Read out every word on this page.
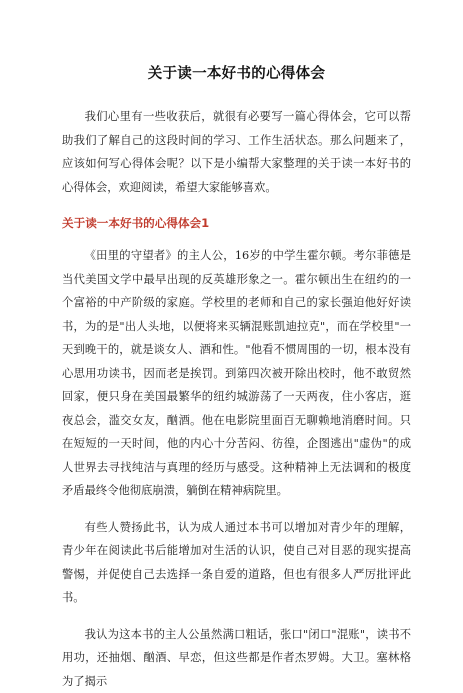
关于读一本好书的心得体会

我们心里有一些收获后，就很有必要写一篇心得体会，它可以帮助我们了解自己的这段时间的学习、工作生活状态。那么问题来了，应该如何写心得体会呢？以下是小编帮大家整理的关于读一本好书的心得体会，欢迎阅读，希望大家能够喜欢。

关于读一本好书的心得体会1

《田里的守望者》的主人公，16岁的中学生霍尔顿。考尔菲德是当代美国文学中最早出现的反英雄形象之一。霍尔顿出生在纽约的一个富裕的中产阶级的家庭。学校里的老师和自己的家长强迫他好好读书，为的是"出人头地，以便将来买辆混账凯迪拉克"，而在学校里"一天到晚干的，就是谈女人、酒和性。"他看不惯周围的一切，根本没有心思用功读书，因而老是挨罚。到第四次被开除出校时，他不敢贸然回家，便只身在美国最繁华的纽约城游荡了一天两夜，住小客店，逛夜总会，滥交女友，酗酒。他在电影院里面百无聊赖地消磨时间。只在短短的一天时间，他的内心十分苦闷、彷徨，企图逃出"虚伪"的成人世界去寻找纯洁与真理的经历与感受。这种精神上无法调和的极度矛盾最终令他彻底崩溃，躺倒在精神病院里。

有些人赞扬此书，认为成人通过本书可以增加对青少年的理解，青少年在阅读此书后能增加对生活的认识，使自己对目恶的现实提高警惕，并促使自己去选择一条自爱的道路，但也有很多人严厉批评此书。

我认为这本书的主人公虽然满口粗话，张口"闭口"混账"，读书不用功，还抽烟、酗酒、早恋，但这些都是作者杰罗姆。大卫。塞林格为了揭示
